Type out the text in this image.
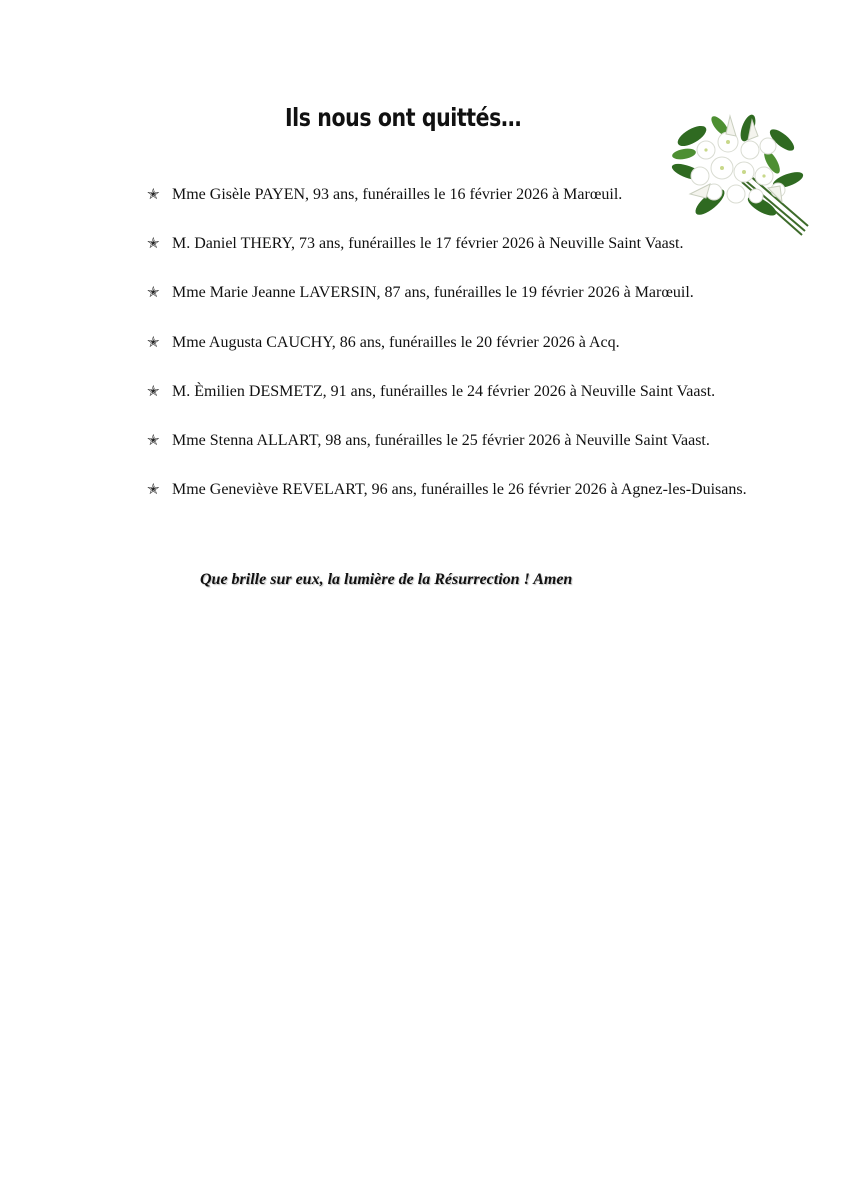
Ils nous ont quittés…
✭ Mme Gisèle PAYEN, 93 ans, funérailles le 16 février 2026 à Marœuil.
✭ M. Daniel THERY, 73 ans, funérailles le 17 février 2026 à Neuville Saint Vaast.
✭ Mme Marie Jeanne LAVERSIN, 87 ans, funérailles le 19 février 2026 à Marœuil.
✭ Mme Augusta CAUCHY, 86 ans, funérailles le 20 février 2026 à Acq.
✭ M. Èmilien DESMETZ, 91 ans, funérailles le 24 février 2026 à Neuville Saint Vaast.
✭ Mme Stenna ALLART, 98 ans, funérailles le 25 février 2026 à Neuville Saint Vaast.
✭ Mme Geneviève REVELART, 96 ans, funérailles le 26 février 2026 à Agnez-les-Duisans.
Que brille sur eux, la lumière de la Résurrection ! Amen
